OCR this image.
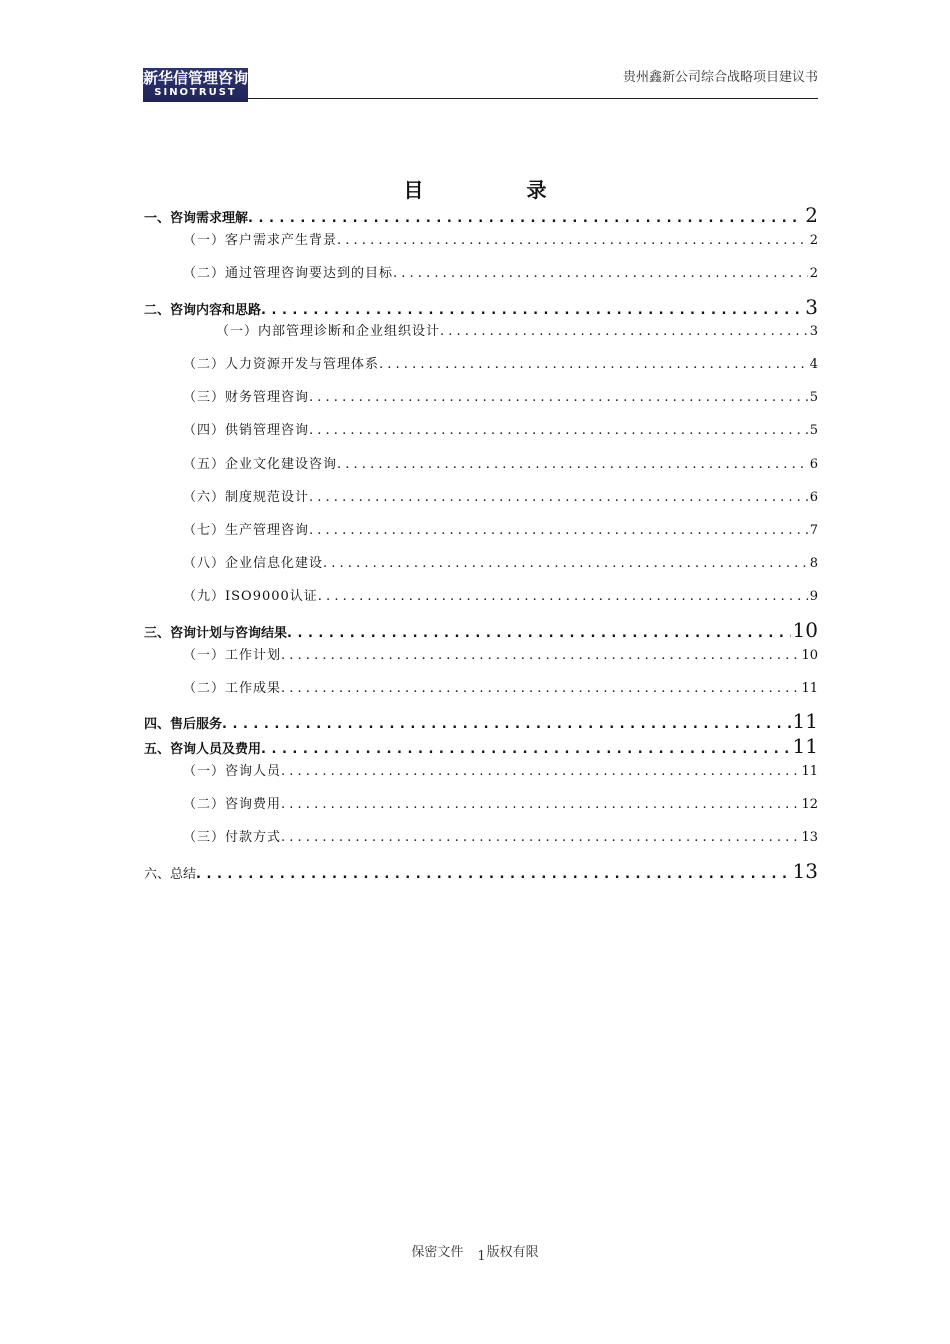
新华信管理咨询
SINOTRUST
贵州鑫新公司综合战略项目建议书
目 录
一、咨询需求理解 . . .	2
（一）客户需求产生背景 . . .	2
（二）通过管理咨询要达到的目标 . . .	2
二、咨询内容和思路 . . .	3
（一）内部管理诊断和企业组织设计 . . .	3
（二）人力资源开发与管理体系 . . .	4
（三）财务管理咨询 . . .	5
（四）供销管理咨询 . . .	5
（五）企业文化建设咨询 . . .	6
（六）制度规范设计 . . .	6
（七）生产管理咨询 . . .	7
（八）企业信息化建设 . . .	8
（九）ISO9000认证 . . .	9
三、咨询计划与咨询结果 . . .	10
（一）工作计划 . . .	10
（二）工作成果 . . .	11
四、售后服务 . . .	11
五、咨询人员及费用 . . .	11
（一）咨询人员 . . .	11
（二）咨询费用 . . .	12
（三）付款方式 . . .	13
六、总结 . . .	13
保密文件 1版权有限
